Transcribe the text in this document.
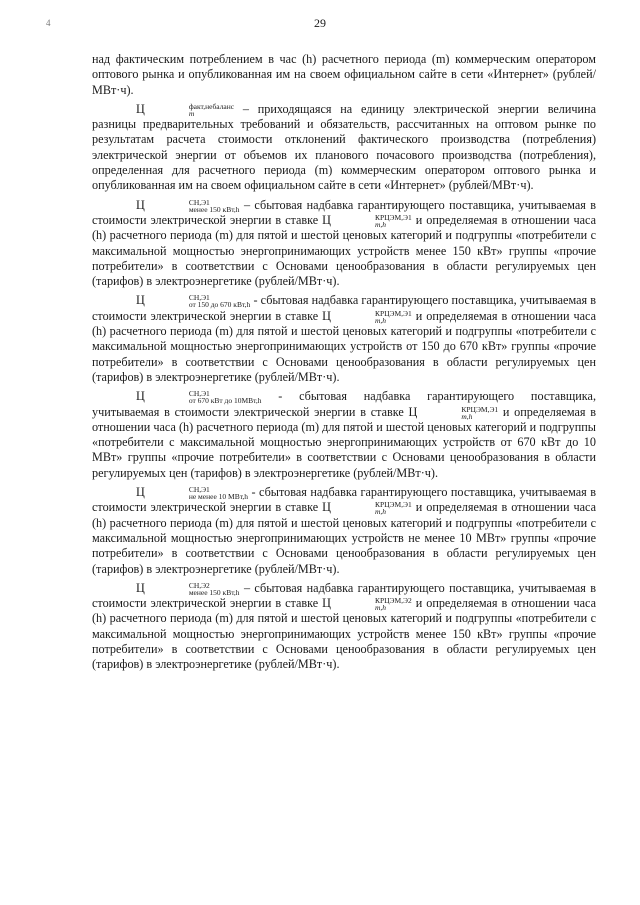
4	29

над фактическим потреблением в час (h) расчетного периода (m) коммерческим оператором оптового рынка и опубликованная им на своем официальном сайте в сети «Интернет» (рублей/МВт·ч).

Ц	факт,небаланс
m	– приходящаяся на единицу электрической энергии величина разницы предварительных требований и обязательств, рассчитанных на оптовом рынке по результатам расчета стоимости отклонений фактического производства (потребления) электрической энергии от объемов их планового почасового производства (потребления), определенная для расчетного периода (m) коммерческим оператором оптового рынка и опубликованная им на своем официальном сайте в сети «Интернет» (рублей/МВт·ч).

Ц	СН,Э1
менее 150 кВт,h – сбытовая надбавка гарантирующего поставщика, учитываемая в стоимости электрической энергии в ставке Ц	КРЦЭМ,Э1
m,h	и определяемая в отношении часа (h) расчетного периода (m) для пятой и шестой ценовых категорий и подгруппы «потребители с максимальной мощностью энергопринимающих устройств менее 150 кВт» группы «прочие потребители» в соответствии с Основами ценообразования в области регулируемых цен (тарифов) в электроэнергетике (рублей/МВт·ч).

Ц	СН,Э1
от 150 до 670 кВт,h - сбытовая надбавка гарантирующего поставщика, учитываемая в стоимости электрической энергии в ставке Ц	КРЦЭМ,Э1
m,h	и определяемая в отношении часа (h) расчетного периода (m) для пятой и шестой ценовых категорий и подгруппы «потребители с максимальной мощностью энергопринимающих устройств от 150 до 670 кВт» группы «прочие потребители» в соответствии с Основами ценообразования в области регулируемых цен (тарифов) в электроэнергетике (рублей/МВт·ч).

Ц	СН,Э1
от 670 кВт до 10МВт,h - сбытовая надбавка гарантирующего поставщика, учитываемая в стоимости электрической энергии в ставке Ц	КРЦЭМ,Э1
m,h	и определяемая в отношении часа (h) расчетного периода (m) для пятой и шестой ценовых категорий и подгруппы «потребители с максимальной мощностью энергопринимающих устройств от 670 кВт до 10 МВт» группы «прочие потребители» в соответствии с Основами ценообразования в области регулируемых цен (тарифов) в электроэнергетике (рублей/МВт·ч).

Ц	СН,Э1
не менее 10 МВт,h - сбытовая надбавка гарантирующего поставщика, учитываемая в стоимости электрической энергии в ставке Ц	КРЦЭМ,Э1
m,h	и определяемая в отношении часа (h) расчетного периода (m) для пятой и шестой ценовых категорий и подгруппы «потребители с максимальной мощностью энергопринимающих устройств не менее 10 МВт» группы «прочие потребители» в соответствии с Основами ценообразования в области регулируемых цен (тарифов) в электроэнергетике (рублей/МВт·ч).

Ц	СН,Э2
менее 150 кВт,h – сбытовая надбавка гарантирующего поставщика, учитываемая в стоимости электрической энергии в ставке Ц	КРЦЭМ,Э2
m,h	и определяемая в отношении часа (h) расчетного периода (m) для пятой и шестой ценовых категорий и подгруппы «потребители с максимальной мощностью энергопринимающих устройств менее 150 кВт» группы «прочие потребители» в соответствии с Основами ценообразования в области регулируемых цен (тарифов) в электроэнергетике (рублей/МВт·ч).
